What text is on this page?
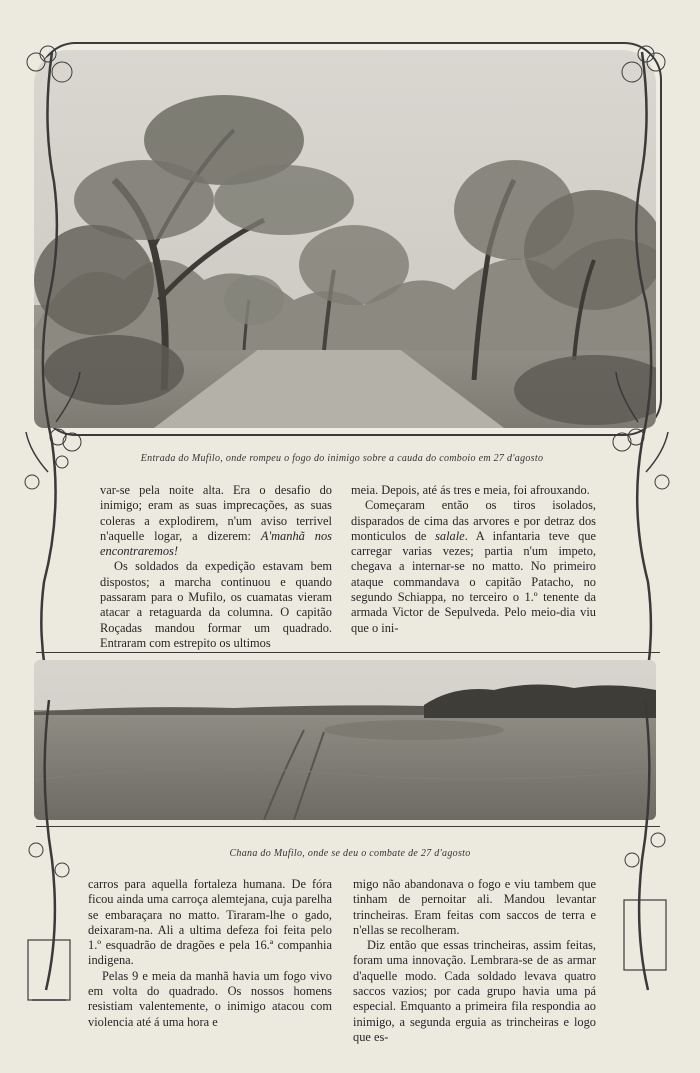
Entrada do Mufilo, onde rompeu o fogo do inimigo sobre a cauda do comboio em 27 d'agosto

var-se pela noite alta. Era o desafio do inimigo; eram as suas imprecações, as suas coleras a explodirem, n'um aviso terrivel n'aquelle logar, a dizerem: A'manhã nos encontraremos!

Os soldados da expedição estavam bem dispostos; a marcha continuou e quando passaram para o Mufilo, os cuamatas vieram atacar a retaguarda da columna. O capitão Roçadas mandou formar um quadrado. Entraram com estrepito os ultimos

meia. Depois, até ás tres e meia, foi afrouxando.

Começaram então os tiros isolados, disparados de cima das arvores e por detraz dos monticulos de salale. A infantaria teve que carregar varias vezes; partia n'um impeto, chegava a internar-se no matto. No primeiro ataque commandava o capitão Patacho, no segundo Schiappa, no terceiro o 1.º tenente da armada Victor de Sepulveda. Pelo meio-dia viu que o ini-

Chana do Mufilo, onde se deu o combate de 27 d'agosto

carros para aquella fortaleza humana. De fóra ficou ainda uma carroça alemtejana, cuja parelha se embaraçara no matto. Tiraram-lhe o gado, deixaram-na. Ali a ultima defeza foi feita pelo 1.º esquadrão de dragões e pela 16.ª companhia indigena.

Pelas 9 e meia da manhã havia um fogo vivo em volta do quadrado. Os nossos homens resistiam valentemente, o inimigo atacou com violencia até á uma hora e

migo não abandonava o fogo e viu tambem que tinham de pernoitar ali. Mandou levantar trincheiras. Eram feitas com saccos de terra e n'ellas se recolheram.

Diz então que essas trincheiras, assim feitas, foram uma innovação. Lembrara-se de as armar d'aquelle modo. Cada soldado levava quatro saccos vazios; por cada grupo havia uma pá especial. Emquanto a primeira fila respondia ao inimigo, a segunda erguia as trincheiras e logo que es-
